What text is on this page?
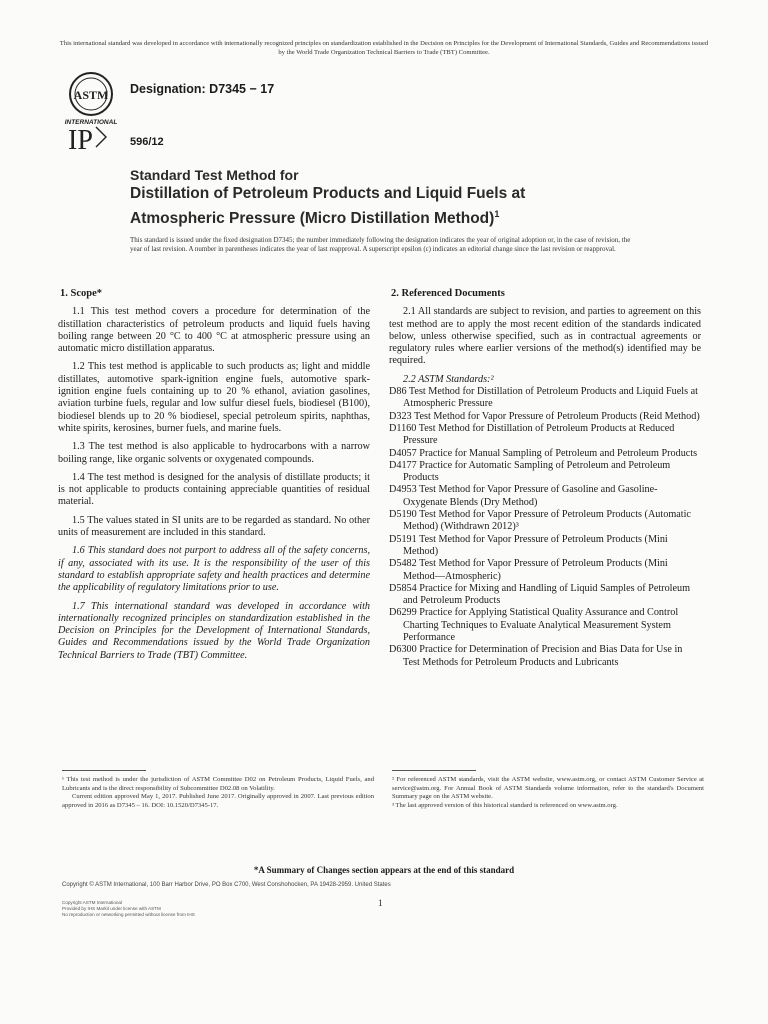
This international standard was developed in accordance with internationally recognized principles on standardization established in the Decision on Principles for the Development of International Standards, Guides and Recommendations issued by the World Trade Organization Technical Barriers to Trade (TBT) Committee.
ASTM
INTERNATIONAL
Designation: D7345 − 17
IP	596/12
Standard Test Method for
Distillation of Petroleum Products and Liquid Fuels at
Atmospheric Pressure (Micro Distillation Method)$^1$
This standard is issued under the fixed designation D7345; the number immediately following the designation indicates the year of original adoption or, in the case of revision, the year of last revision. A number in parentheses indicates the year of last reapproval. A superscript epsilon (ε) indicates an editorial change since the last revision or reapproval.
1. Scope*

1.1 This test method covers a procedure for determination of the distillation characteristics of petroleum products and liquid fuels having boiling range between 20 °C to 400 °C at atmospheric pressure using an automatic micro distillation apparatus.

1.2 This test method is applicable to such products as; light and middle distillates, automotive spark-ignition engine fuels, automotive spark-ignition engine fuels containing up to 20 % ethanol, aviation gasolines, aviation turbine fuels, regular and low sulfur diesel fuels, biodiesel (B100), biodiesel blends up to 20 % biodiesel, special petroleum spirits, naphthas, white spirits, kerosines, burner fuels, and marine fuels.

1.3 The test method is also applicable to hydrocarbons with a narrow boiling range, like organic solvents or oxygenated compounds.

1.4 The test method is designed for the analysis of distillate products; it is not applicable to products containing appreciable quantities of residual material.

1.5 The values stated in SI units are to be regarded as standard. No other units of measurement are included in this standard.

1.6 This standard does not purport to address all of the safety concerns, if any, associated with its use. It is the responsibility of the user of this standard to establish appropriate safety and health practices and determine the applicability of regulatory limitations prior to use.

1.7 This international standard was developed in accordance with internationally recognized principles on standardization established in the Decision on Principles for the Development of International Standards, Guides and Recommendations issued by the World Trade Organization Technical Barriers to Trade (TBT) Committee.

2. Referenced Documents

2.1 All standards are subject to revision, and parties to agreement on this test method are to apply the most recent edition of the standards indicated below, unless otherwise specified, such as in contractual agreements or regulatory rules where earlier versions of the method(s) identified may be required.

2.2 ASTM Standards:²

D86 Test Method for Distillation of Petroleum Products and Liquid Fuels at Atmospheric Pressure

D323 Test Method for Vapor Pressure of Petroleum Products (Reid Method)

D1160 Test Method for Distillation of Petroleum Products at Reduced Pressure

D4057 Practice for Manual Sampling of Petroleum and Petroleum Products

D4177 Practice for Automatic Sampling of Petroleum and Petroleum Products

D4953 Test Method for Vapor Pressure of Gasoline and Gasoline-Oxygenate Blends (Dry Method)

D5190 Test Method for Vapor Pressure of Petroleum Products (Automatic Method) (Withdrawn 2012)³

D5191 Test Method for Vapor Pressure of Petroleum Products (Mini Method)

D5482 Test Method for Vapor Pressure of Petroleum Products (Mini Method—Atmospheric)

D5854 Practice for Mixing and Handling of Liquid Samples of Petroleum and Petroleum Products

D6299 Practice for Applying Statistical Quality Assurance and Control Charting Techniques to Evaluate Analytical Measurement System Performance

D6300 Practice for Determination of Precision and Bias Data for Use in Test Methods for Petroleum Products and Lubricants

¹ This test method is under the jurisdiction of ASTM Committee D02 on Petroleum Products, Liquid Fuels, and Lubricants and is the direct responsibility of Subcommittee D02.08 on Volatility.
Current edition approved May 1, 2017. Published June 2017. Originally approved in 2007. Last previous edition approved in 2016 as D7345 – 16. DOI: 10.1520/D7345-17.
² For referenced ASTM standards, visit the ASTM website, www.astm.org, or contact ASTM Customer Service at service@astm.org. For Annual Book of ASTM Standards volume information, refer to the standard's Document Summary page on the ASTM website.
³ The last approved version of this historical standard is referenced on www.astm.org.
*A Summary of Changes section appears at the end of this standard
Copyright © ASTM International, 100 Barr Harbor Drive, PO Box C700, West Conshohocken, PA 19428-2959. United States
1
Copyright ASTM International
Provided by IHS Markit under license with ASTM
No reproduction or networking permitted without license from IHS
